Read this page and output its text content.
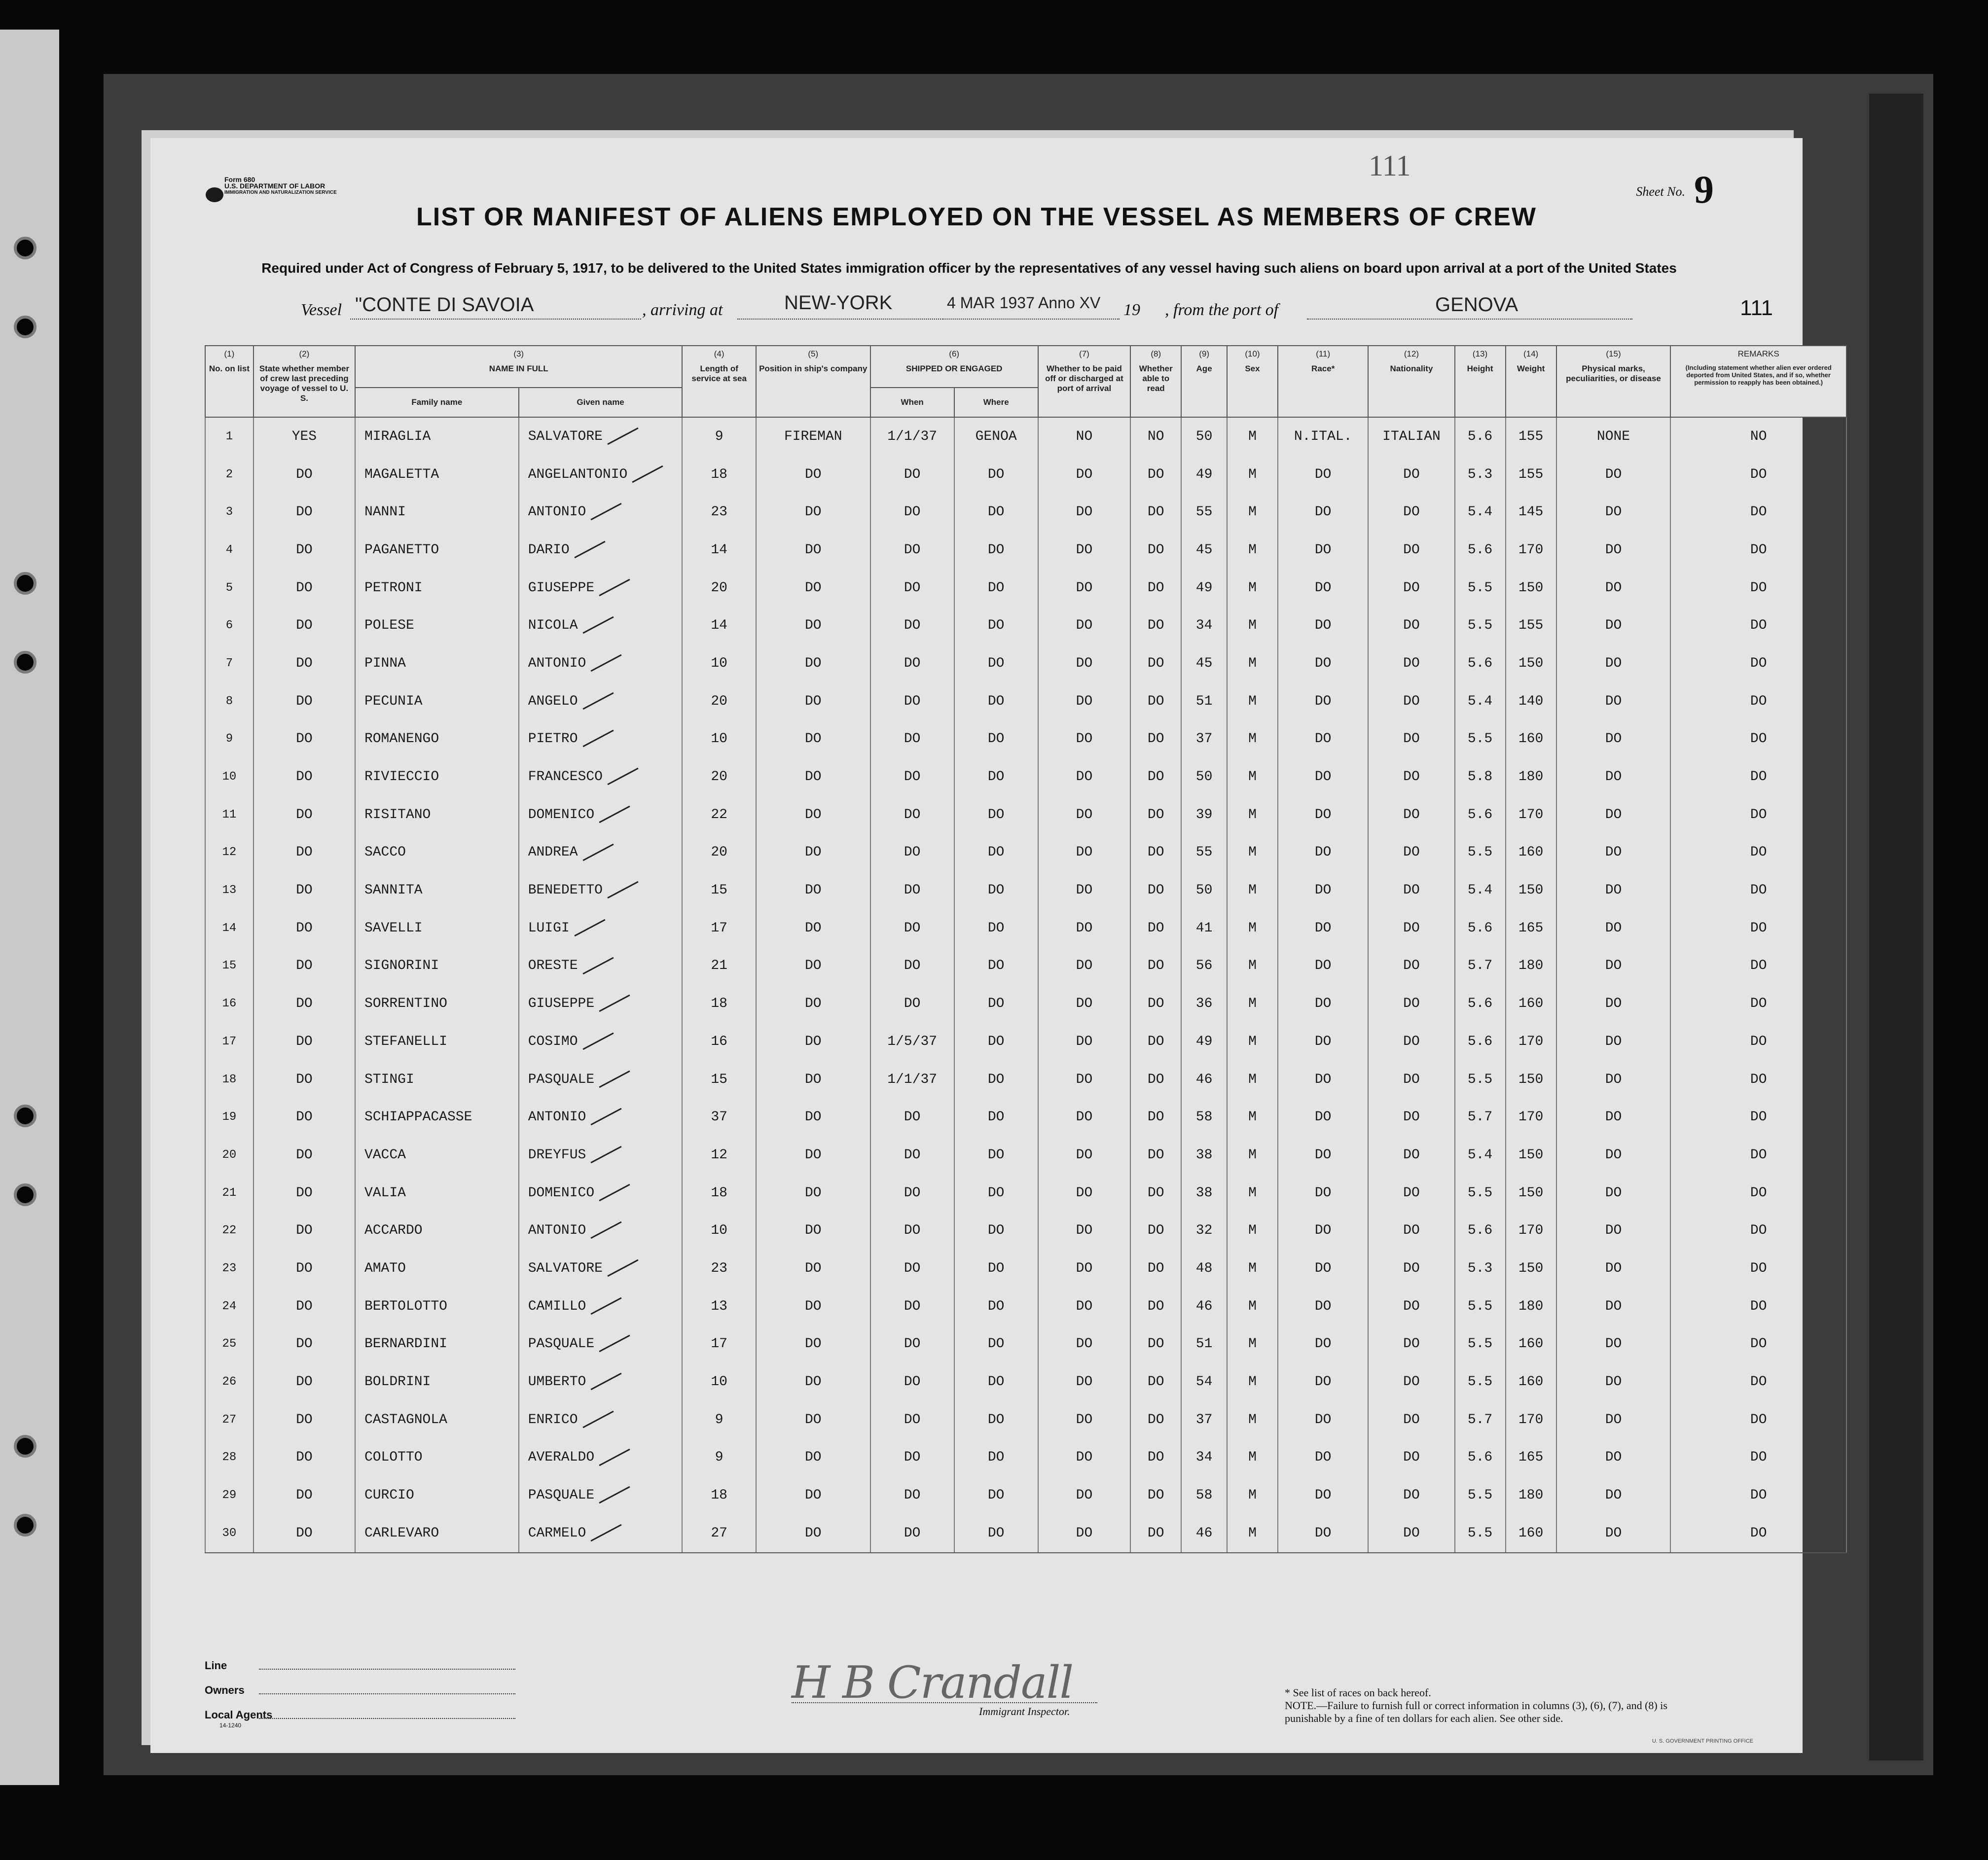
Form 680
U.S. DEPARTMENT OF LABOR
IMMIGRATION AND NATURALIZATION SERVICE
111
Sheet No. 9
LIST OR MANIFEST OF ALIENS EMPLOYED ON THE VESSEL AS MEMBERS OF CREW
Required under Act of Congress of February 5, 1917, to be delivered to the United States immigration officer by the representatives of any vessel having such aliens on board upon arrival at a port of the United States
Vessel "CONTE DI SAVOIA	, arriving at	NEW-YORK	4 MAR 1937 Anno XV 19 , from the port of	GENOVA	111
(1)
No. on list	(2)
State whether member of crew last preceding voyage of vessel to U. S.	(3)
NAME IN FULL		(4)
Length of service at sea	(5)
Position in ship's company	(6)
SHIPPED OR ENGAGED		(7)
Whether to be paid off or discharged at port of arrival	(8)
Whether able to read	(9)
Age	(10)
Sex	(11)
Race*	(12)
Nationality	(13)
Height	(14)
Weight	(15)
Physical marks, peculiarities, or disease	REMARKS
(Including statement whether alien ever ordered deported from United States, and if so, whether permission to reapply has been obtained.)

		Family name	Given name			When	Where										
1	YES	MIRAGLIA	SALVATORE	9	FIREMAN	1/1/37	GENOA	NO	NO	50	M	N.ITAL.	ITALIAN	5.6	155	NONE	NO
2	DO	MAGALETTA	ANGELANTONIO	18	DO	DO	DO	DO	DO	49	M	DO	DO	5.3	155	DO	DO
3	DO	NANNI	ANTONIO	23	DO	DO	DO	DO	DO	55	M	DO	DO	5.4	145	DO	DO
4	DO	PAGANETTO	DARIO	14	DO	DO	DO	DO	DO	45	M	DO	DO	5.6	170	DO	DO
5	DO	PETRONI	GIUSEPPE	20	DO	DO	DO	DO	DO	49	M	DO	DO	5.5	150	DO	DO
6	DO	POLESE	NICOLA	14	DO	DO	DO	DO	DO	34	M	DO	DO	5.5	155	DO	DO
7	DO	PINNA	ANTONIO	10	DO	DO	DO	DO	DO	45	M	DO	DO	5.6	150	DO	DO
8	DO	PECUNIA	ANGELO	20	DO	DO	DO	DO	DO	51	M	DO	DO	5.4	140	DO	DO
9	DO	ROMANENGO	PIETRO	10	DO	DO	DO	DO	DO	37	M	DO	DO	5.5	160	DO	DO
10	DO	RIVIECCIO	FRANCESCO	20	DO	DO	DO	DO	DO	50	M	DO	DO	5.8	180	DO	DO
11	DO	RISITANO	DOMENICO	22	DO	DO	DO	DO	DO	39	M	DO	DO	5.6	170	DO	DO
12	DO	SACCO	ANDREA	20	DO	DO	DO	DO	DO	55	M	DO	DO	5.5	160	DO	DO
13	DO	SANNITA	BENEDETTO	15	DO	DO	DO	DO	DO	50	M	DO	DO	5.4	150	DO	DO
14	DO	SAVELLI	LUIGI	17	DO	DO	DO	DO	DO	41	M	DO	DO	5.6	165	DO	DO
15	DO	SIGNORINI	ORESTE	21	DO	DO	DO	DO	DO	56	M	DO	DO	5.7	180	DO	DO
16	DO	SORRENTINO	GIUSEPPE	18	DO	DO	DO	DO	DO	36	M	DO	DO	5.6	160	DO	DO
17	DO	STEFANELLI	COSIMO	16	DO	1/5/37	DO	DO	DO	49	M	DO	DO	5.6	170	DO	DO
18	DO	STINGI	PASQUALE	15	DO	1/1/37	DO	DO	DO	46	M	DO	DO	5.5	150	DO	DO
19	DO	SCHIAPPACASSE	ANTONIO	37	DO	DO	DO	DO	DO	58	M	DO	DO	5.7	170	DO	DO
20	DO	VACCA	DREYFUS	12	DO	DO	DO	DO	DO	38	M	DO	DO	5.4	150	DO	DO
21	DO	VALIA	DOMENICO	18	DO	DO	DO	DO	DO	38	M	DO	DO	5.5	150	DO	DO
22	DO	ACCARDO	ANTONIO	10	DO	DO	DO	DO	DO	32	M	DO	DO	5.6	170	DO	DO
23	DO	AMATO	SALVATORE	23	DO	DO	DO	DO	DO	48	M	DO	DO	5.3	150	DO	DO
24	DO	BERTOLOTTO	CAMILLO	13	DO	DO	DO	DO	DO	46	M	DO	DO	5.5	180	DO	DO
25	DO	BERNARDINI	PASQUALE	17	DO	DO	DO	DO	DO	51	M	DO	DO	5.5	160	DO	DO
26	DO	BOLDRINI	UMBERTO	10	DO	DO	DO	DO	DO	54	M	DO	DO	5.5	160	DO	DO
27	DO	CASTAGNOLA	ENRICO	9	DO	DO	DO	DO	DO	37	M	DO	DO	5.7	170	DO	DO
28	DO	COLOTTO	AVERALDO	9	DO	DO	DO	DO	DO	34	M	DO	DO	5.6	165	DO	DO
29	DO	CURCIO	PASQUALE	18	DO	DO	DO	DO	DO	58	M	DO	DO	5.5	180	DO	DO
30	DO	CARLEVARO	CARMELO	27	DO	DO	DO	DO	DO	46	M	DO	DO	5.5	160	DO	DO
Line
Owners
Local Agents
14-1240
H B Crandall
Immigrant Inspector.
* See list of races on back hereof.
NOTE.—Failure to furnish full or correct information in columns (3), (6), (7), and (8) is punishable by a fine of ten dollars for each alien. See other side.
U. S. GOVERNMENT PRINTING OFFICE
